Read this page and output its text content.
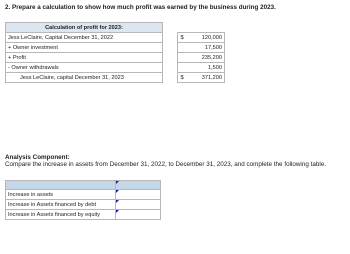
2. Prepare a calculation to show how much profit was earned by the business during 2023.
Calculation of profit for 2023:			
Jess LeClaire, Capital December 31, 2022		$	120,000
+ Owner investment			17,500
+ Profit			235,200
- Owner withdrawals			1,500
Jess LeClaire, capital December 31, 2023		$	371,200
Analysis Component:
Compare the increase in assets from December 31, 2022, to December 31, 2023, and complete the following table.

Increase in assets	
Increase in Assets financed by debt	
Increase in Assets financed by equity	
